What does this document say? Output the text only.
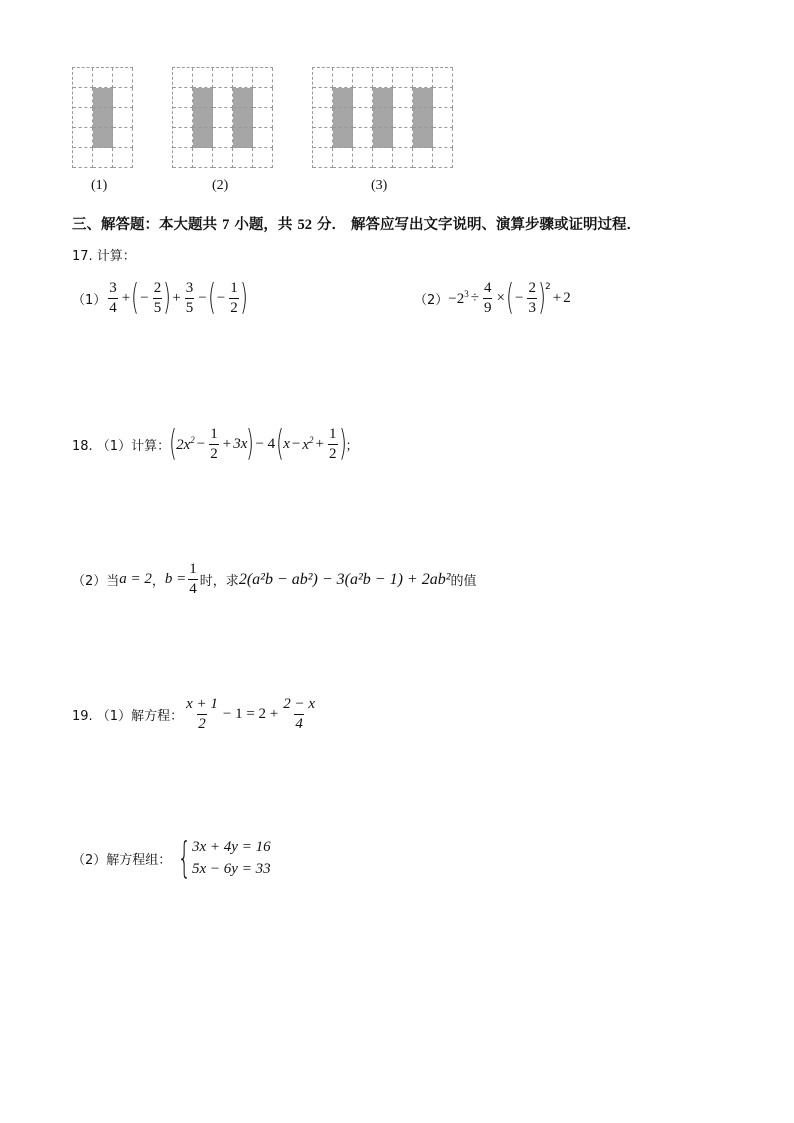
(1)	(2)	(3)
三、解答题：本大题共 7 小题，共 52 分． 解答应写出文字说明、演算步骤或证明过程．
17. 计算：
$(1) \frac{3}{4}$ + ( − $\frac{2}{5}$ ) + $\frac{3}{5}$ − ( − $\frac{1}{2}$ )	$(2) -2^3 \div \frac{4}{9}$ × ( − $\frac{2}{3} )^2$
+ 2
18. （1）计算： ( $2x^2 - \frac{1}{2} + 3x$ ) − 4 ( $x - x^2 + \frac{1}{2}$ ) ；
（2）当 a = 2 ， $b = \frac{1}{4}$ 时，求 2(a²b − ab²) − 3(a²b − 1) + 2ab² 的值
19. （1）解方程： $\frac{x + 1}{2} - 1 = 2 + \frac{2 - x}{4}$
（2）解方程组： { 3x + 4y = 16
5x − 6y = 33
